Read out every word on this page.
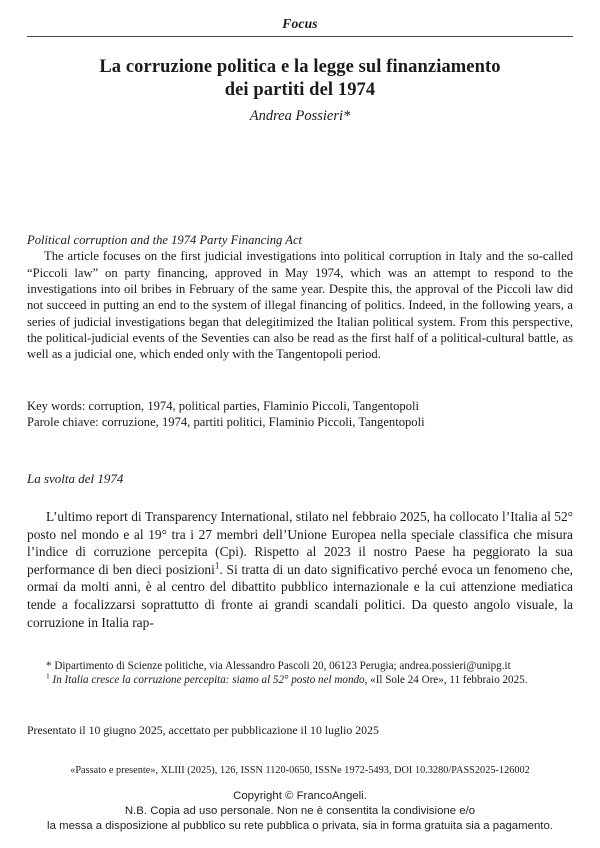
Focus
La corruzione politica e la legge sul finanziamento
dei partiti del 1974
Andrea Possieri*
Political corruption and the 1974 Party Financing Act
The article focuses on the first judicial investigations into political corruption in Italy and the so-called “Piccoli law” on party financing, approved in May 1974, which was an attempt to respond to the investigations into oil bribes in February of the same year. Despite this, the approval of the Piccoli law did not succeed in putting an end to the system of illegal financing of politics. Indeed, in the following years, a series of judicial investigations began that delegitimized the Italian political system. From this perspective, the political-judicial events of the Seventies can also be read as the first half of a political-cultural battle, as well as a judicial one, which ended only with the Tangentopoli period.
Key words: corruption, 1974, political parties, Flaminio Piccoli, Tangentopoli
Parole chiave: corruzione, 1974, partiti politici, Flaminio Piccoli, Tangentopoli
La svolta del 1974

L’ultimo report di Transparency International, stilato nel febbraio 2025, ha collocato l’Italia al 52° posto nel mondo e al 19° tra i 27 membri dell’Unione Europea nella speciale classifica che misura l’indice di corruzione percepita (Cpi). Rispetto al 2023 il nostro Paese ha peggiorato la sua performance di ben dieci posizioni$^1$. Si tratta di un dato significativo perché evoca un fenomeno che, ormai da molti anni, è al centro del dibattito pubblico internazionale e la cui attenzione mediatica tende a focalizzarsi soprattutto di fronte ai grandi scandali politici. Da questo angolo visuale, la corruzione in Italia rap-

* Dipartimento di Scienze politiche, via Alessandro Pascoli 20, 06123 Perugia; andrea.possieri@unipg.it

$^1$ In Italia cresce la corruzione percepita: siamo al 52° posto nel mondo, «Il Sole 24 Ore», 11 febbraio 2025.

Presentato il 10 giugno 2025, accettato per pubblicazione il 10 luglio 2025
«Passato e presente», XLIII (2025), 126, ISSN 1120-0650, ISSNe 1972-5493, DOI 10.3280/PASS2025-126002
Copyright © FrancoAngeli.
N.B. Copia ad uso personale. Non ne è consentita la condivisione e/o
la messa a disposizione al pubblico su rete pubblica o privata, sia in forma gratuita sia a pagamento.
